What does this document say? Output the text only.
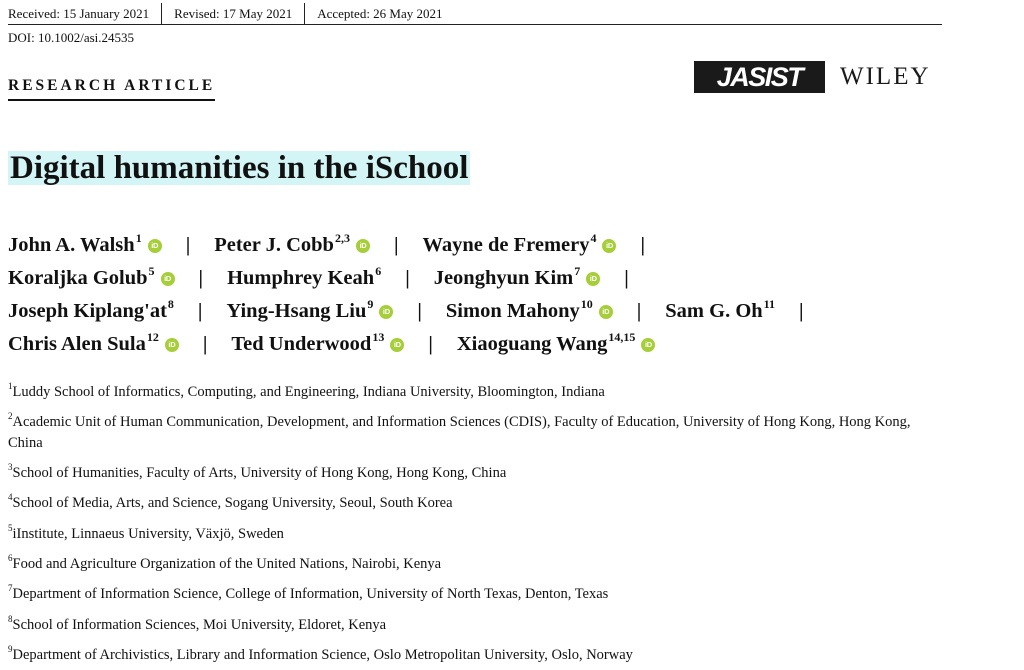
Received: 15 January 2021	Revised: 17 May 2021	Accepted: 26 May 2021
DOI: 10.1002/asi.24535
RESEARCH ARTICLE	JASIST	WILEY
Digital humanities in the iSchool
John A. Walsh$^1$
iD | Peter J. Cobb$^{2,3}$
iD | Wayne de Fremery$^4$
iD |
Koraljka Golub$^5$
iD | Humphrey Keah$^6$ | Jeonghyun Kim$^7$
iD |
Joseph $Kiplang'at^8$ | Ying-Hsang Liu$^9$
iD | Simon Mahony$^{10}$
iD | Sam G. Oh$^{11}$ |
Chris Alen Sula$^{12}$
iD | Ted Underwood$^{13}$
iD | Xiaoguang Wang$^{14,15}$
iD
$^1$Luddy School of Informatics, Computing, and Engineering, Indiana University, Bloomington, Indiana
$^2$Academic Unit of Human Communication, Development, and Information Sciences (CDIS), Faculty of Education, University of Hong Kong, Hong Kong, China
$^3$School of Humanities, Faculty of Arts, University of Hong Kong, Hong Kong, China
$^4$School of Media, Arts, and Science, Sogang University, Seoul, South Korea
$^5$iInstitute, Linnaeus University, Växjö, Sweden
$^6$Food and Agriculture Organization of the United Nations, Nairobi, Kenya
$^7$Department of Information Science, College of Information, University of North Texas, Denton, Texas
$^8$School of Information Sciences, Moi University, Eldoret, Kenya
$^9$Department of Archivistics, Library and Information Science, Oslo Metropolitan University, Oslo, Norway
